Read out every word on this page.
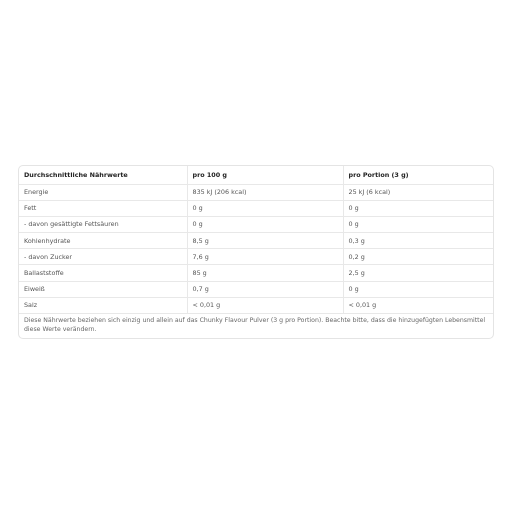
Durchschnittliche Nährwerte	pro 100 g	pro Portion (3 g)
Energie	835 kJ (206 kcal)	25 kJ (6 kcal)
Fett	0 g	0 g
- davon gesättigte Fettsäuren	0 g	0 g
Kohlenhydrate	8,5 g	0,3 g
- davon Zucker	7,6 g	0,2 g
Ballaststoffe	85 g	2,5 g
Eiweiß	0,7 g	0 g
Salz	< 0,01 g	< 0,01 g
Diese Nährwerte beziehen sich einzig und allein auf das Chunky Flavour Pulver (3 g pro Portion). Beachte bitte, dass die hinzugefügten Lebensmittel diese Werte verändern.
